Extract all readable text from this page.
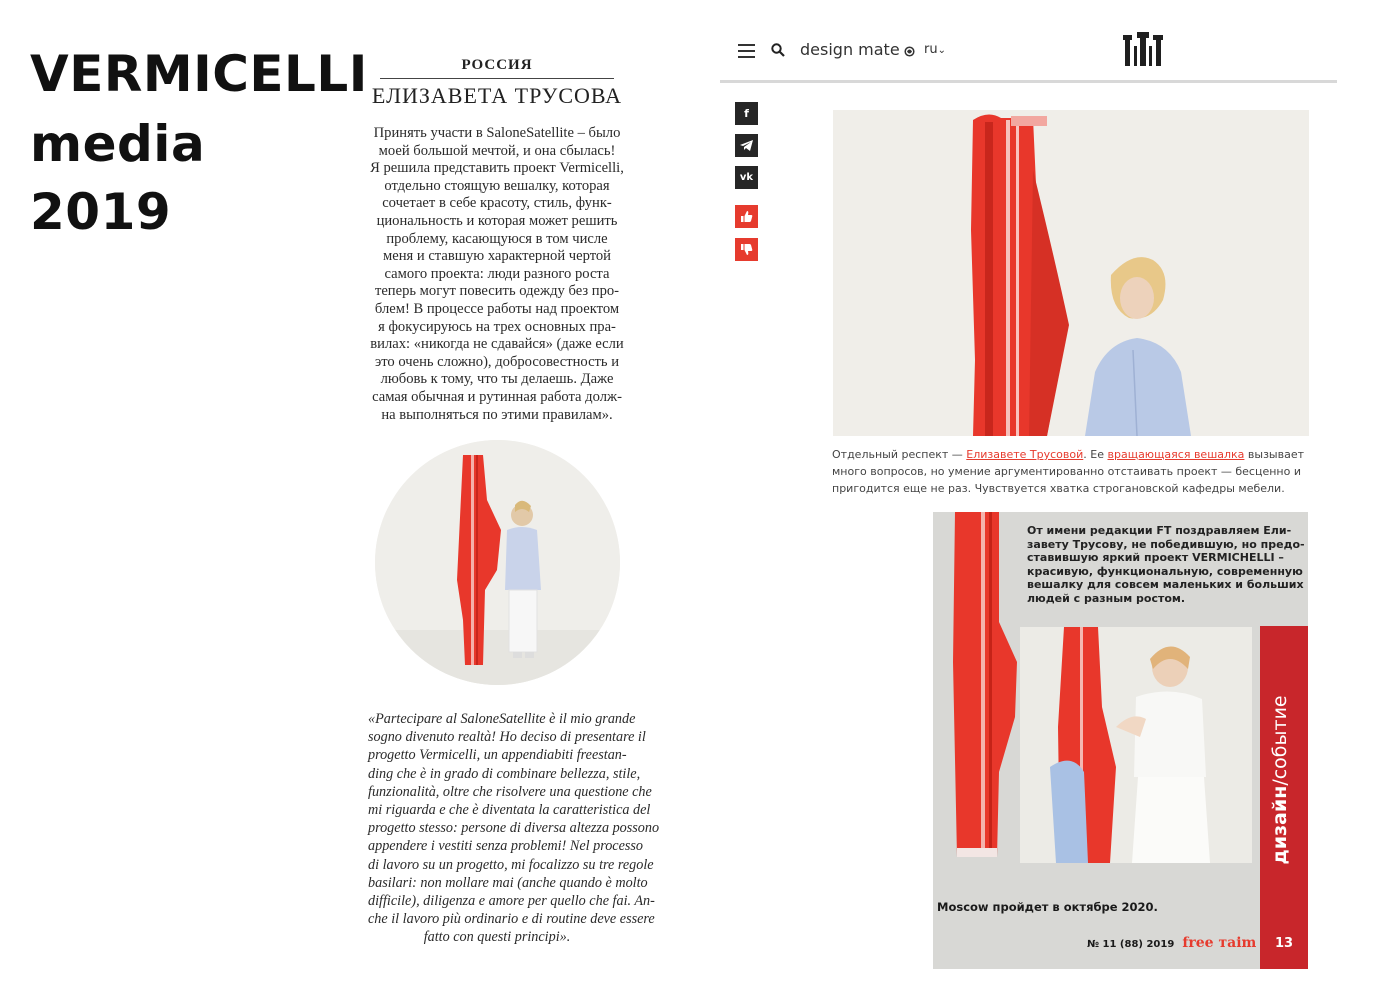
VERMICELLI
media
2019
РОССИЯ
ЕЛИЗАВЕТА ТРУСОВА

Принять участи в SaloneSatellite – было

моей большой мечтой, и она сбылась!

Я решила представить проект Vermicelli,

отдельно стоящую вешалку, которая

сочетает в себе красоту, стиль, функ-

циональность и которая может решить

проблему, касающуюся в том числе

меня и ставшую характерной чертой

самого проекта: люди разного роста

теперь могут повесить одежду без про-

блем! В процессе работы над проектом

я фокусируюсь на трех основных пра-

вилах: «никогда не сдавайся» (даже если

это очень сложно), добросовестность и

любовь к тому, что ты делаешь. Даже

самая обычная и рутинная работа долж-

на выполняться по этими правилам».

«Partecipare al SaloneSatellite è il mio grande

sogno divenuto realtà! Ho deciso di presentare il

progetto Vermicelli, un appendiabiti freestan-

ding che è in grado di combinare bellezza, stile,

funzionalità, oltre che risolvere una questione che

mi riguarda e che è diventata la caratteristica del

progetto stesso: persone di diversa altezza possono

appendere i vestiti senza problemi! Nel processo

di lavoro su un progetto, mi focalizzo su tre regole

basilari: non mollare mai (anche quando è molto

difficile), diligenza e amore per quello che fai. An-

che il lavoro più ordinario e di routine deve essere

fatto con questi principi».

design mate ru⌄
f
vk
Отдельный респект — Елизавете Трусовой. Ее вращающаяся вешалка вызывает много вопросов, но умение аргументированно отстаивать проект — бесценно и пригодится еще не раз. Чувствуется хватка строгановской кафедры мебели.

От имени редакции FT поздравляем Ели-

завету Трусову, не победившую, но предо-

ставившую яркий проект VERMICHELLI –

красивую, функциональную, современную

вешалку для совсем маленьких и больших

людей с разным ростом.

дизайн/событие
13
Moscow пройдет в октябре 2020.
№ 11 (88) 2019 free таim
